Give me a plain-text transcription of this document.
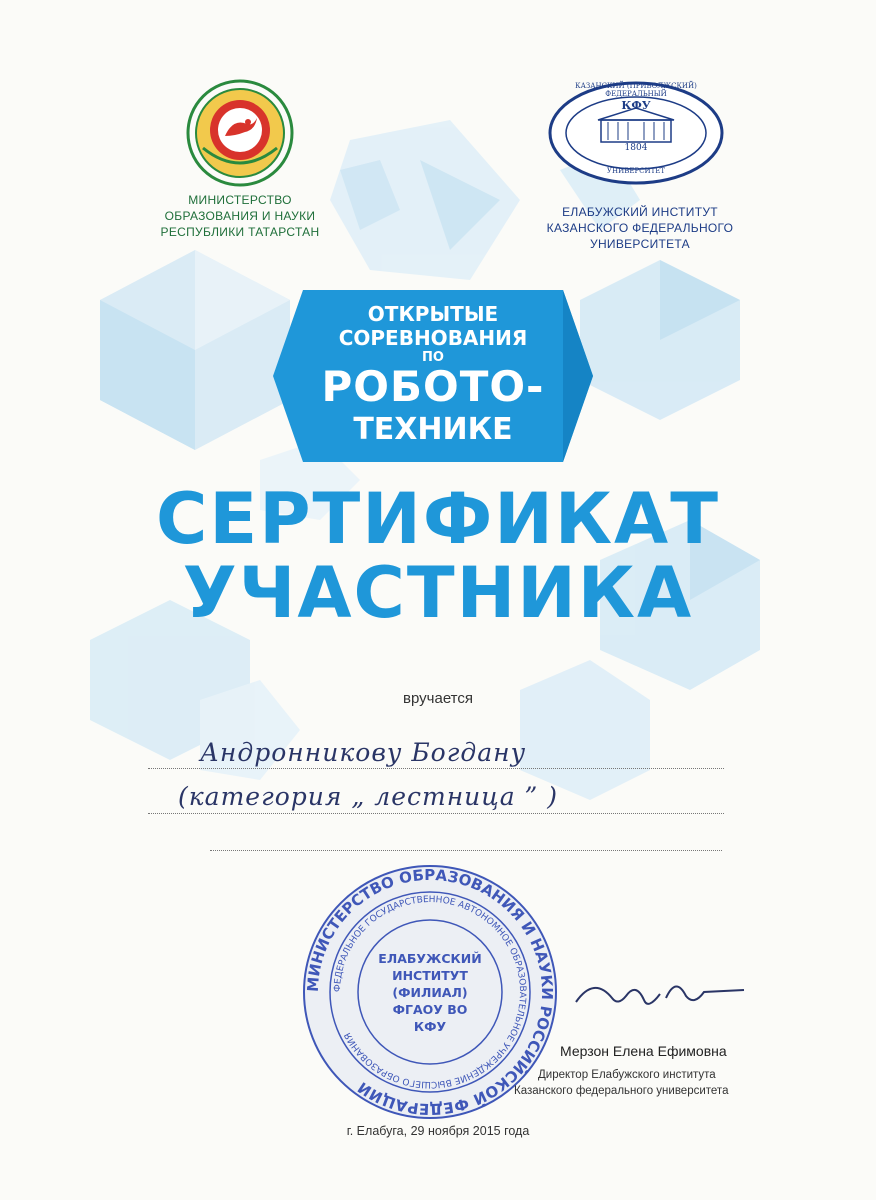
МИНИСТЕРСТВО
ОБРАЗОВАНИЯ И НАУКИ
РЕСПУБЛИКИ ТАТАРСТАН
КАЗАНСКИЙ (ПРИВОЛЖСКИЙ) ФЕДЕРАЛЬНЫЙ
КФУ
1804
УНИВЕРСИТЕТ
ЕЛАБУЖСКИЙ ИНСТИТУТ
КАЗАНСКОГО ФЕДЕРАЛЬНОГО
УНИВЕРСИТЕТА
ОТКРЫТЫЕ
СОРЕВНОВАНИЯ
ПО
РОБОТО-
ТЕХНИКЕ
СЕРТИФИКАТ
УЧАСТНИКА
вручается
Андронникову Богдану
(категория „ лестница ” )
МИНИСТЕРСТВО ОБРАЗОВАНИЯ И НАУКИ РОССИЙСКОЙ ФЕДЕРАЦИИ
ФЕДЕРАЛЬНОЕ ГОСУДАРСТВЕННОЕ АВТОНОМНОЕ ОБРАЗОВАТЕЛЬНОЕ УЧРЕЖДЕНИЕ ВЫСШЕГО ОБРАЗОВАНИЯ
ЕЛАБУЖСКИЙ
ИНСТИТУТ
(ФИЛИАЛ)
ФГАОУ ВО
КФУ
Мерзон Елена Ефимовна
Директор Елабужского института
Казанского федерального университета
г. Елабуга, 29 ноября 2015 года
